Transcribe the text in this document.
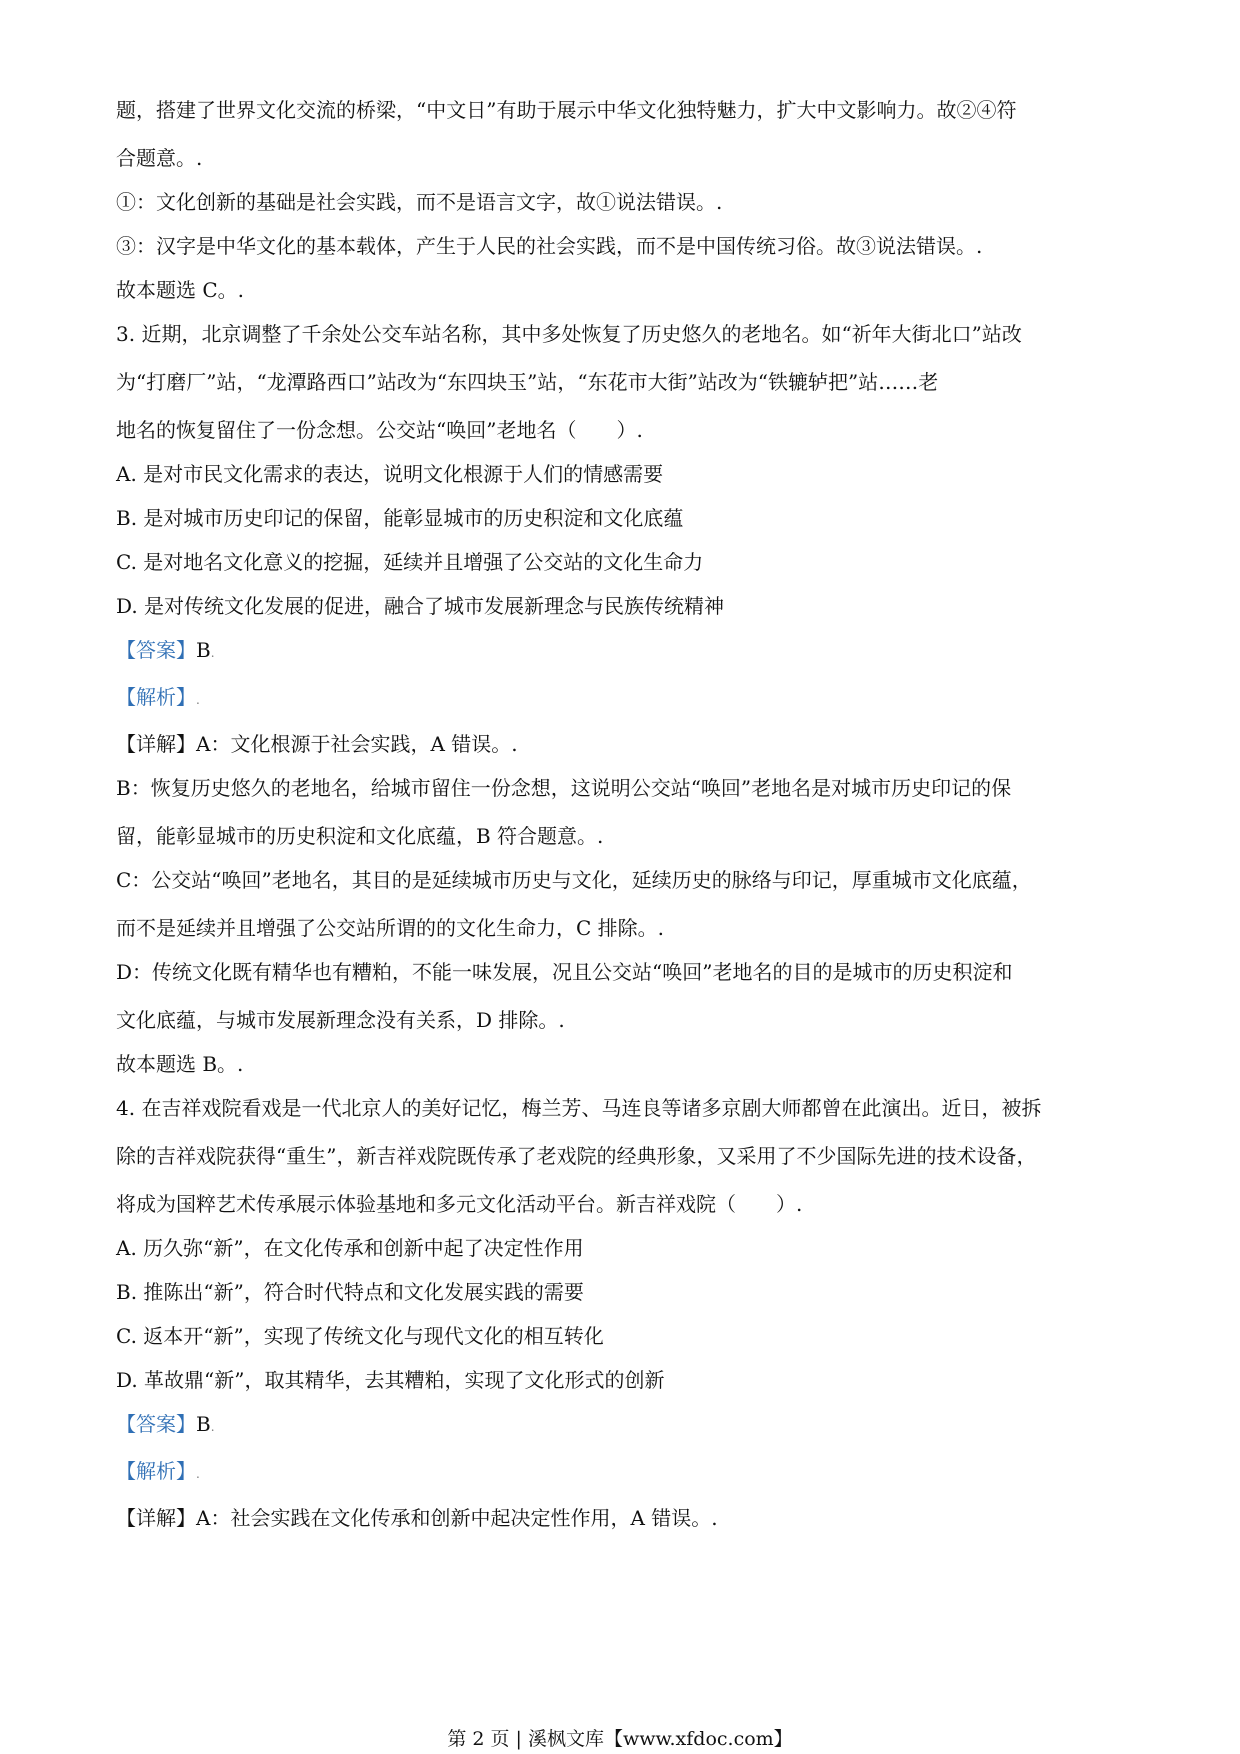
题，搭建了世界文化交流的桥梁，“中文日”有助于展示中华文化独特魅力，扩大中文影响力。故②④符

合题意。.

①：文化创新的基础是社会实践，而不是语言文字，故①说法错误。.

③：汉字是中华文化的基本载体，产生于人民的社会实践，而不是中国传统习俗。故③说法错误。.

故本题选 C。.

3. 近期，北京调整了千余处公交车站名称，其中多处恢复了历史悠久的老地名。如“祈年大街北口”站改

为“打磨厂”站，“龙潭路西口”站改为“东四块玉”站，“东花市大街”站改为“铁辘轳把”站……老

地名的恢复留住了一份念想。公交站“唤回”老地名（　　）.

A. 是对市民文化需求的表达，说明文化根源于人们的情感需要

B. 是对城市历史印记的保留，能彰显城市的历史积淀和文化底蕴

C. 是对地名文化意义的挖掘，延续并且增强了公交站的文化生命力

D. 是对传统文化发展的促进，融合了城市发展新理念与民族传统精神

【答案】B.

【解析】.

【详解】A：文化根源于社会实践，A 错误。.

B：恢复历史悠久的老地名，给城市留住一份念想，这说明公交站“唤回”老地名是对城市历史印记的保

留，能彰显城市的历史积淀和文化底蕴，B 符合题意。.

C：公交站“唤回”老地名，其目的是延续城市历史与文化，延续历史的脉络与印记，厚重城市文化底蕴，

而不是延续并且增强了公交站所谓的的文化生命力，C 排除。.

D：传统文化既有精华也有糟粕，不能一味发展，况且公交站“唤回”老地名的目的是城市的历史积淀和

文化底蕴，与城市发展新理念没有关系，D 排除。.

故本题选 B。.

4. 在吉祥戏院看戏是一代北京人的美好记忆，梅兰芳、马连良等诸多京剧大师都曾在此演出。近日，被拆

除的吉祥戏院获得“重生”，新吉祥戏院既传承了老戏院的经典形象，又采用了不少国际先进的技术设备，

将成为国粹艺术传承展示体验基地和多元文化活动平台。新吉祥戏院（　　）.

A. 历久弥“新”，在文化传承和创新中起了决定性作用

B. 推陈出“新”，符合时代特点和文化发展实践的需要

C. 返本开“新”，实现了传统文化与现代文化的相互转化

D. 革故鼎“新”，取其精华，去其糟粕，实现了文化形式的创新

【答案】B.

【解析】.

【详解】A：社会实践在文化传承和创新中起决定性作用，A 错误。.

第 2 页 | 溪枫文库【www.xfdoc.com】
